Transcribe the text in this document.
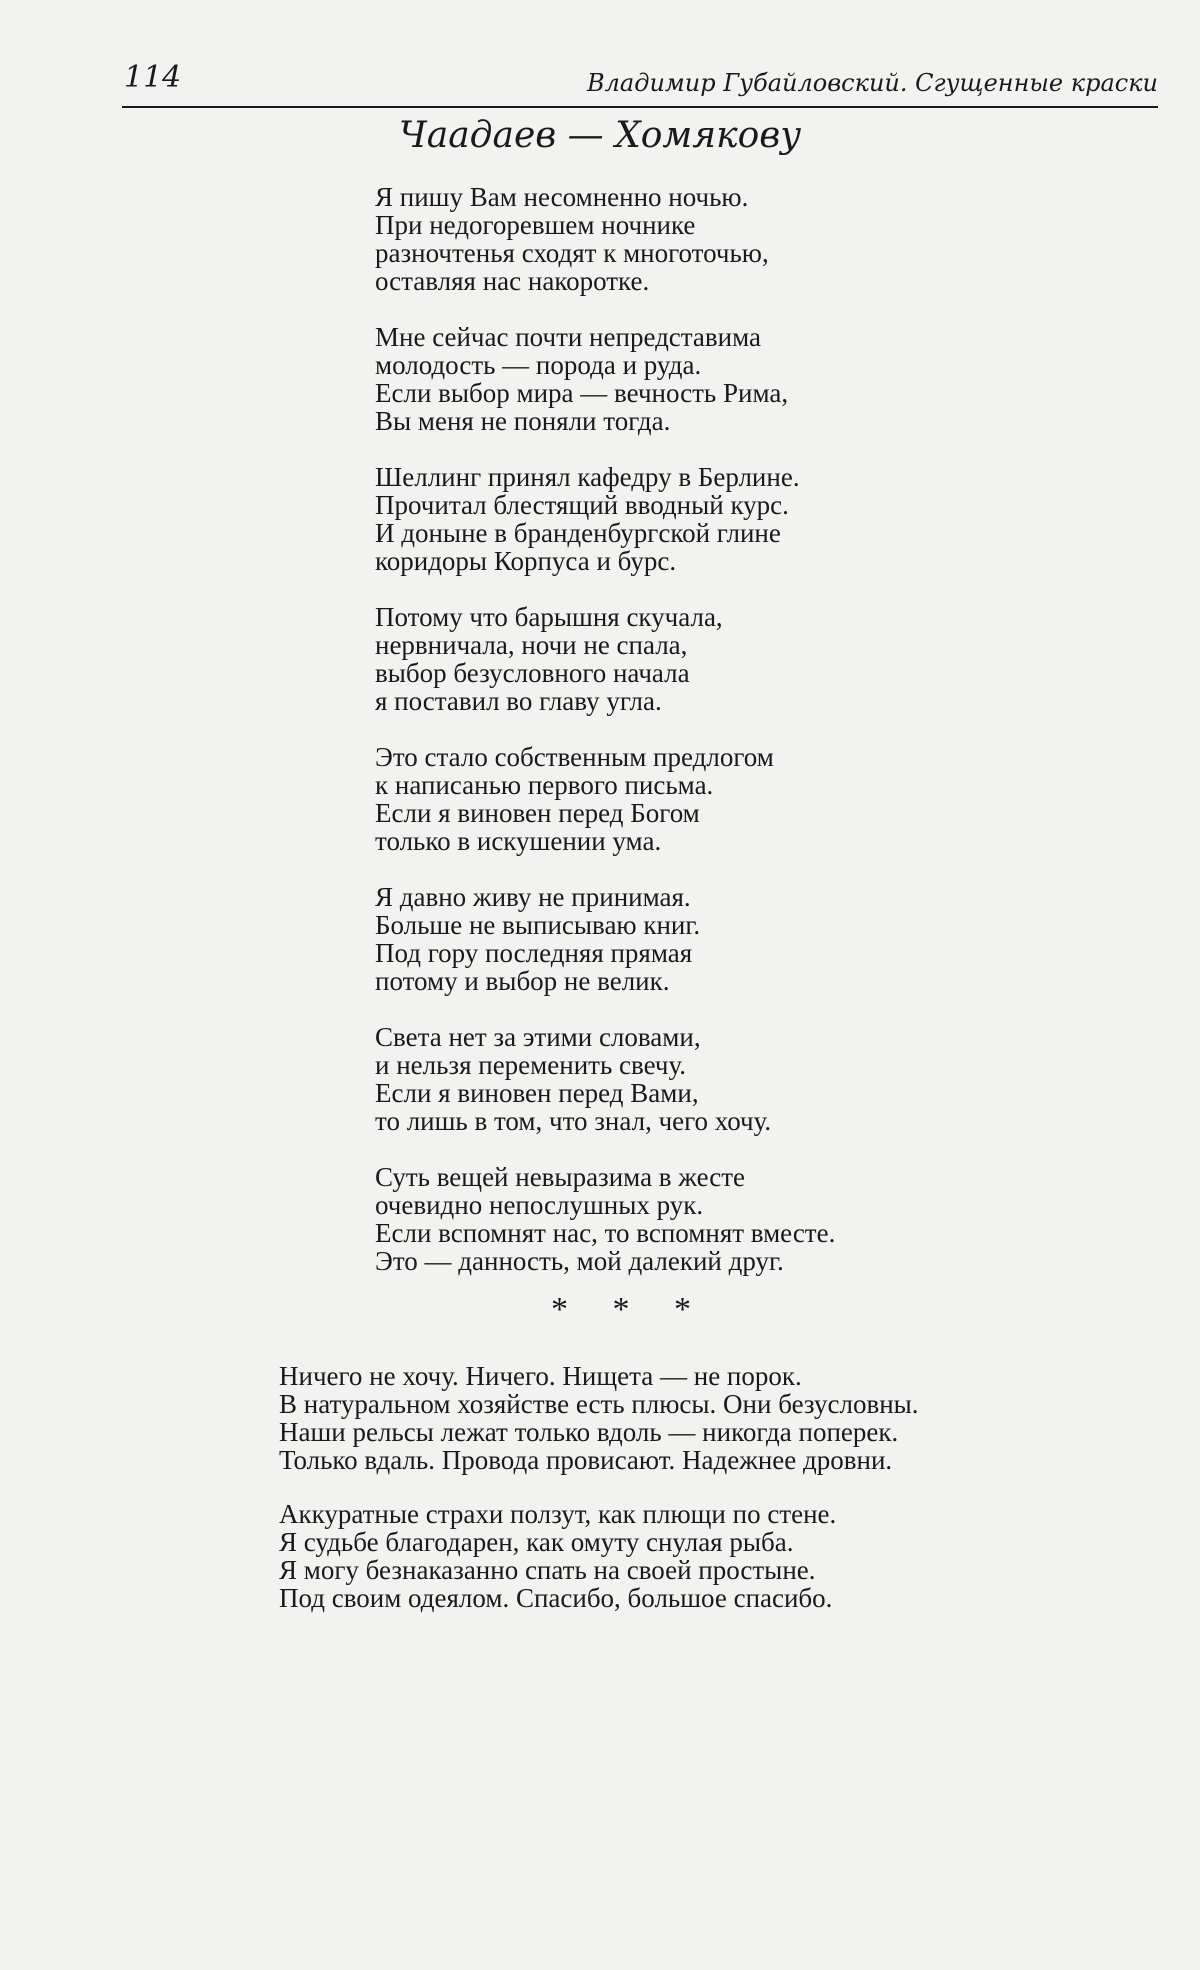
114	Владимир Губайловский. Сгущенные краски
Чаадаев — Хомякову
Я пишу Вам несомненно ночью.
При недогоревшем ночнике
разночтенья сходят к многоточью,
оставляя нас накоротке.
Мне сейчас почти непредставима
молодость — порода и руда.
Если выбор мира — вечность Рима,
Вы меня не поняли тогда.
Шеллинг принял кафедру в Берлине.
Прочитал блестящий вводный курс.
И доныне в бранденбургской глине
коридоры Корпуса и бурс.
Потому что барышня скучала,
нервничала, ночи не спала,
выбор безусловного начала
я поставил во главу угла.
Это стало собственным предлогом
к написанью первого письма.
Если я виновен перед Богом
только в искушении ума.
Я давно живу не принимая.
Больше не выписываю книг.
Под гору последняя прямая
потому и выбор не велик.
Света нет за этими словами,
и нельзя переменить свечу.
Если я виновен перед Вами,
то лишь в том, что знал, чего хочу.
Суть вещей невыразима в жесте
очевидно непослушных рук.
Если вспомнят нас, то вспомнят вместе.
Это — данность, мой далекий друг.
* * *
Ничего не хочу. Ничего. Нищета — не порок.
В натуральном хозяйстве есть плюсы. Они безусловны.
Наши рельсы лежат только вдоль — никогда поперек.
Только вдаль. Провода провисают. Надежнее дровни.
Аккуратные страхи ползут, как плющи по стене.
Я судьбе благодарен, как омуту снулая рыба.
Я могу безнаказанно спать на своей простыне.
Под своим одеялом. Спасибо, большое спасибо.
